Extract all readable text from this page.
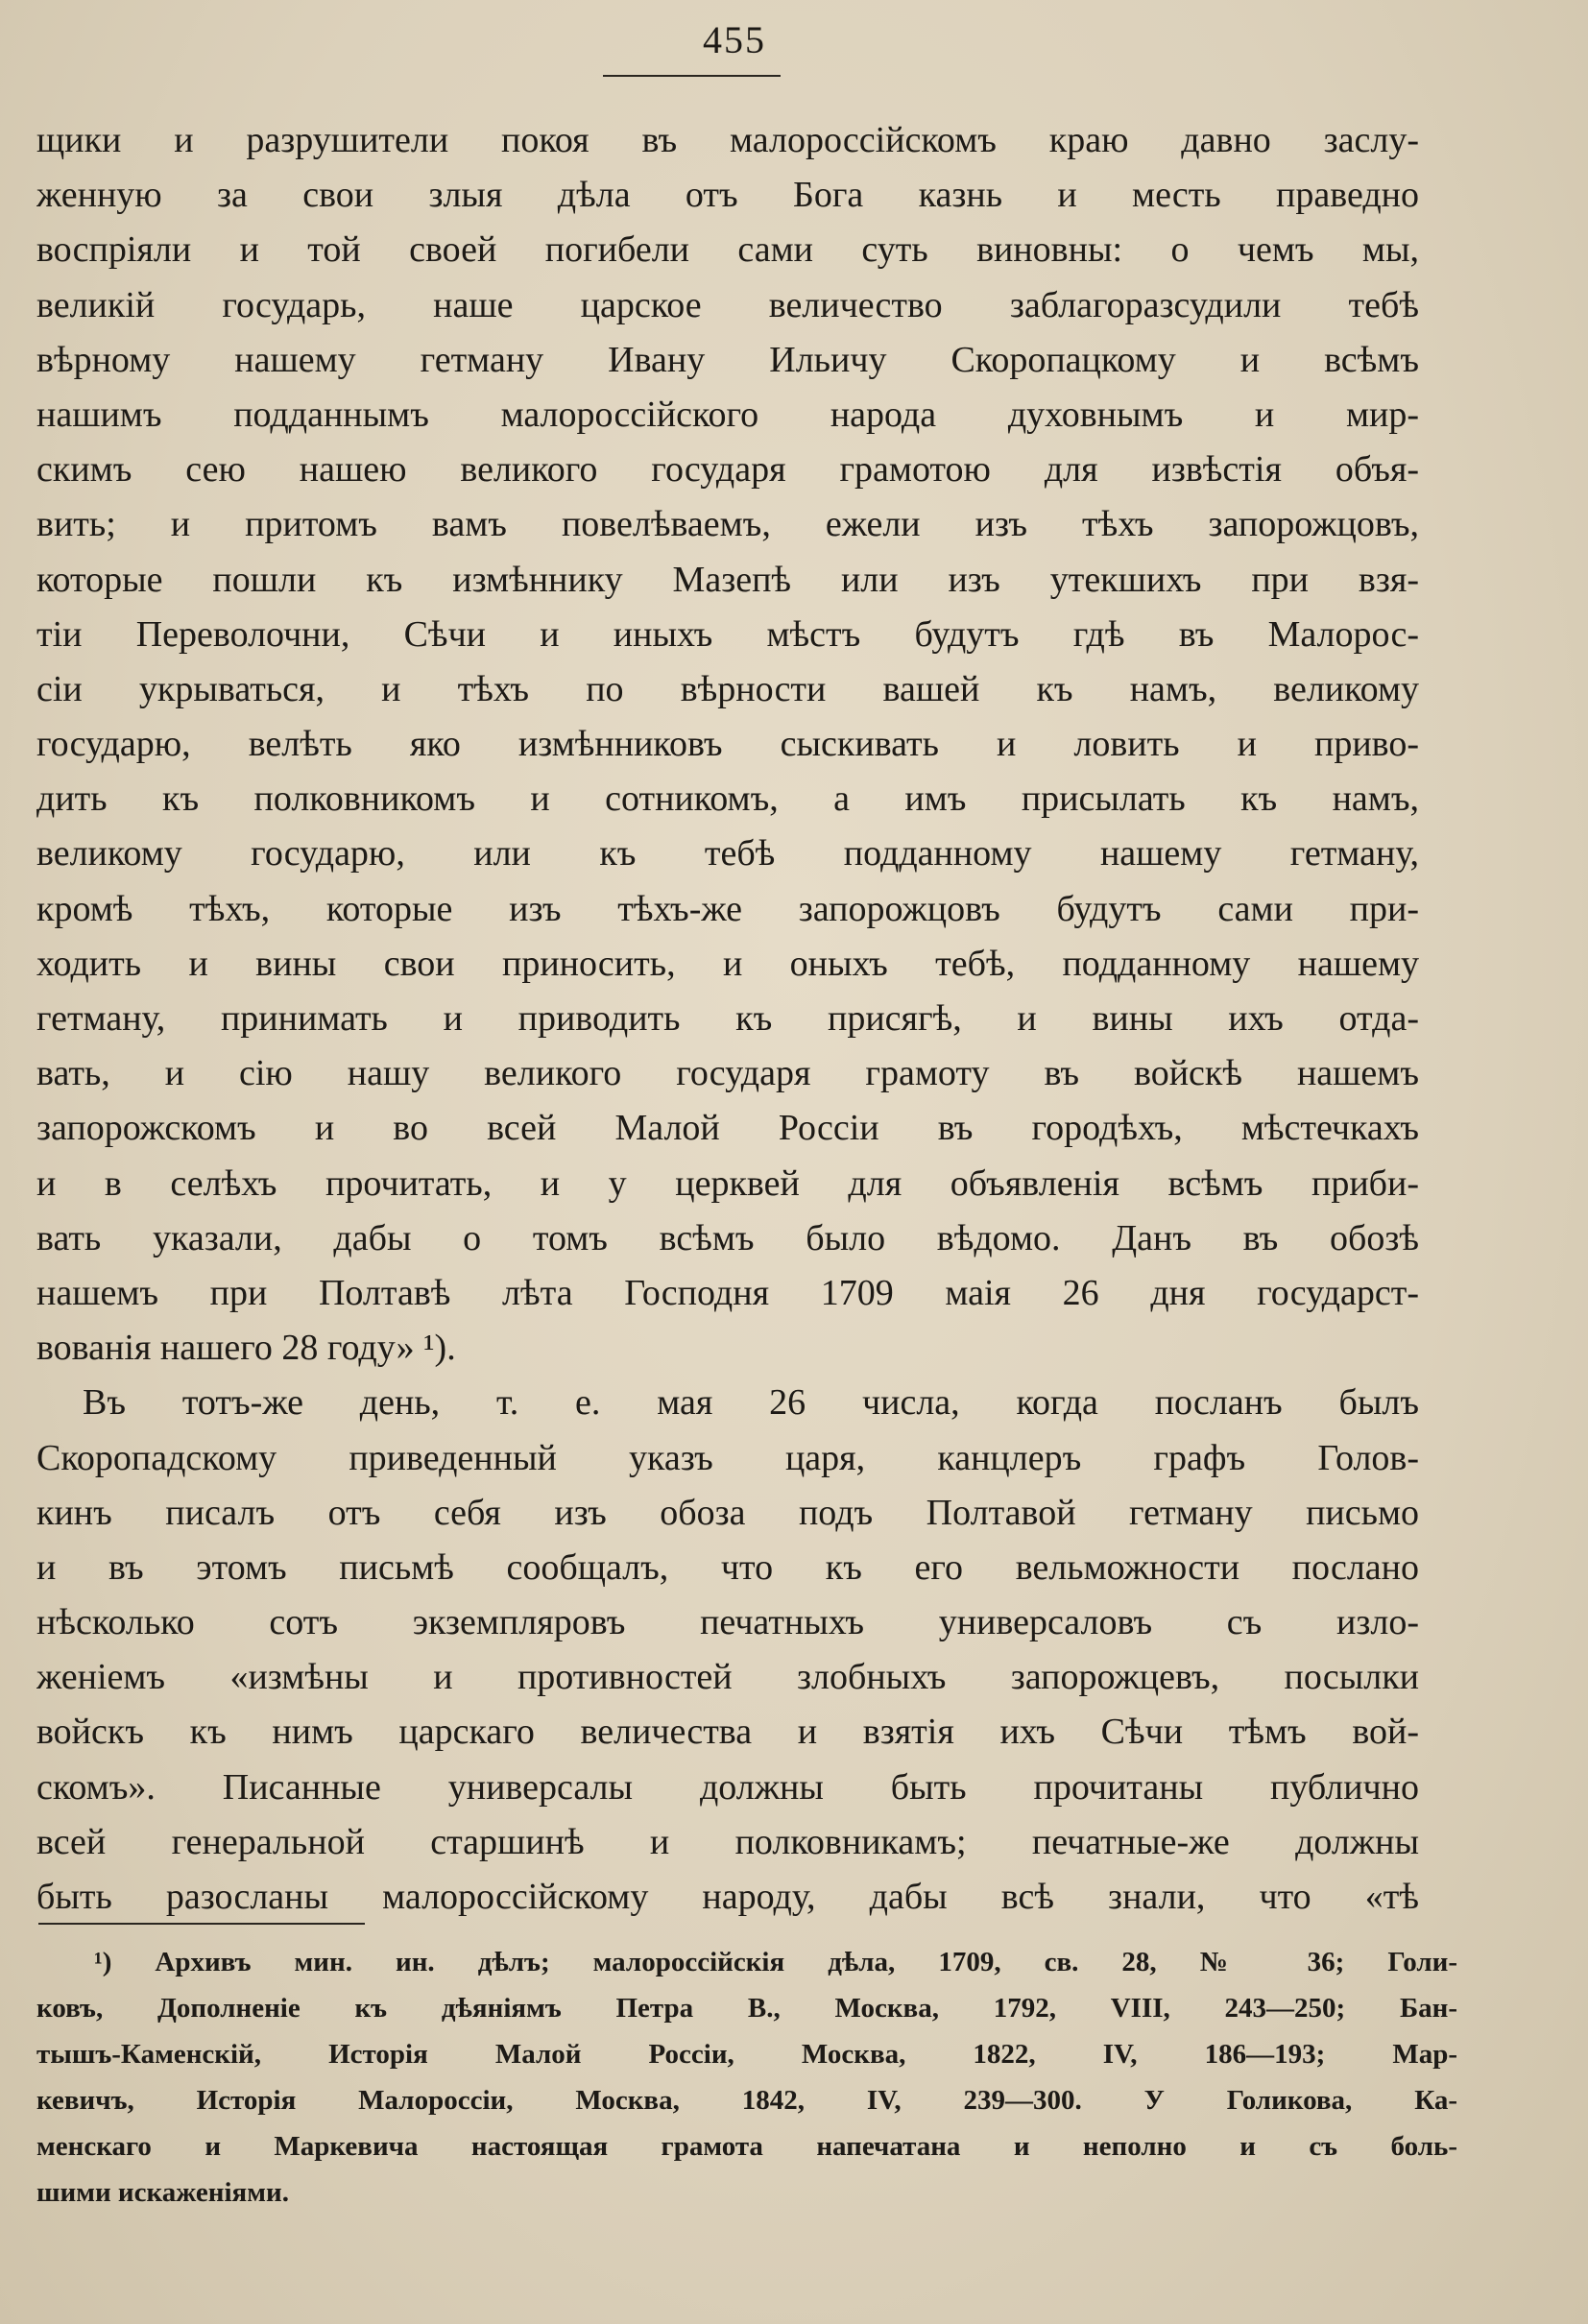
455
щики и разрушители покоя въ малороссійскомъ краю давно заслу-
женную за свои злыя дѣла отъ Бога казнь и месть праведно
воспріяли и той своей погибели сами суть виновны: о чемъ мы,
великій государь, наше царское величество заблагоразсудили тебѣ
вѣрному нашему гетману Ивану Ильичу Скоропацкому и всѣмъ
нашимъ подданнымъ малороссійского народа духовнымъ и мир-
скимъ сею нашею великого государя грамотою для извѣстія объя-
вить; и притомъ вамъ повелѣваемъ, ежели изъ тѣхъ запорожцовъ,
которые пошли къ измѣннику Мазепѣ или изъ утекшихъ при взя-
тіи Переволочни, Сѣчи и иныхъ мѣстъ будутъ гдѣ въ Малорос-
сіи укрываться, и тѣхъ по вѣрности вашей къ намъ, великому
государю, велѣть яко измѣнниковъ сыскивать и ловить и приво-
дить къ полковникомъ и сотникомъ, а имъ присылать къ намъ,
великому государю, или къ тебѣ подданному нашему гетману,
кромѣ тѣхъ, которые изъ тѣхъ-же запорожцовъ будутъ сами при-
ходить и вины свои приносить, и оныхъ тебѣ, подданному нашему
гетману, принимать и приводить къ присягѣ, и вины ихъ отда-
вать, и сію нашу великого государя грамоту въ войскѣ нашемъ
запорожскомъ и во всей Малой Россіи въ городѣхъ, мѣстечкахъ
и в селѣхъ прочитать, и у церквей для объявленія всѣмъ приби-
вать указали, дабы о томъ всѣмъ было вѣдомо. Данъ въ обозѣ
нашемъ при Полтавѣ лѣта Господня 1709 маія 26 дня государст-
вованія нашего 28 году» ¹).
Въ тотъ-же день, т. е. мая 26 числа, когда посланъ былъ
Скоропадскому приведенный указъ царя, канцлеръ графъ Голов-
кинъ писалъ отъ себя изъ обоза подъ Полтавой гетману письмо
и въ этомъ письмѣ сообщалъ, что къ его вельможности послано
нѣсколько сотъ экземпляровъ печатныхъ универсаловъ съ изло-
женіемъ «измѣны и противностей злобныхъ запорожцевъ, посылки
войскъ къ нимъ царскаго величества и взятія ихъ Сѣчи тѣмъ вой-
скомъ». Писанные универсалы должны быть прочитаны публично
всей генеральной старшинѣ и полковникамъ; печатные-же должны
быть разосланы малороссійскому народу, дабы всѣ знали, что «тѣ
¹) Архивъ мин. ин. дѣлъ; малороссійскія дѣла, 1709, св. 28, № 36; Голи-
ковъ, Дополненіе къ дѣяніямъ Петра В., Москва, 1792, VIII, 243—250; Бан-
тышъ-Каменскій, Исторія Малой Россіи, Москва, 1822, IV, 186—193; Мар-
кевичъ, Исторія Малороссіи, Москва, 1842, IV, 239—300. У Голикова, Ка-
менскаго и Маркевича настоящая грамота напечатана и неполно и съ боль-
шими искаженіями.
